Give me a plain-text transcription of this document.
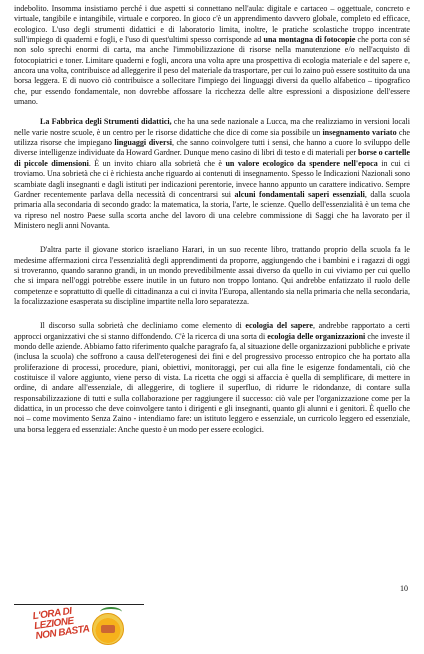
indebolito. Insomma insistiamo perché i due aspetti si connettano nell'aula: digitale e cartaceo – oggettuale, concreto e virtuale, tangibile e intangibile, virtuale e corporeo. In gioco c'è un apprendimento davvero globale, completo ed efficace, ecologico. L'uso degli strumenti didattici e di laboratorio limita, inoltre, le pratiche scolastiche troppo incentrate sull'impiego di quaderni e fogli, e l'uso di quest'ultimi spesso corrisponde ad una montagna di fotocopie che porta con sé non solo sprechi enormi di carta, ma anche l'immobilizzazione di risorse nella manutenzione e/o nell'acquisto di fotocopiatrici e toner. Limitare quaderni e fogli, ancora una volta apre una prospettiva di ecologia materiale e del sapere e, ancora una volta, contribuisce ad alleggerire il peso del materiale da trasportare, per cui lo zaino può essere sostituito da una borsa leggera. E di nuovo ciò contribuisce a sollecitare l'impiego dei linguaggi diversi da quello alfabetico – tipografico che, pur essendo fondamentale, non dovrebbe affossare la ricchezza delle altre espressioni a disposizione dell'essere umano.

La Fabbrica degli Strumenti didattici, che ha una sede nazionale a Lucca, ma che realizziamo in versioni locali nelle varie nostre scuole, è un centro per le risorse didattiche che dice di come sia possibile un insegnamento variato che utilizza risorse che impiegano linguaggi diversi, che sanno coinvolgere tutti i sensi, che hanno a cuore lo sviluppo delle diverse intelligenze individuate da Howard Gardner. Dunque meno casino di libri di testo e di materiali per borse o cartelle di piccole dimensioni. È un invito chiaro alla sobrietà che è un valore ecologico da spendere nell'epoca in cui ci troviamo. Una sobrietà che ci è richiesta anche riguardo ai contenuti di insegnamento. Spesso le Indicazioni Nazionali sono scambiate dagli insegnanti e dagli istituti per indicazioni perentorie, invece hanno appunto un carattere indicativo. Sempre Gardner recentemente parlava della necessità di concentrarsi sui alcuni fondamentali saperi essenziali, dalla scuola primaria alla secondaria di secondo grado: la matematica, la storia, l'arte, le scienze. Quello dell'essenzialità è un tema che va ripreso nel nostro Paese sulla scorta anche del lavoro di una celebre commissione di Saggi che ha lavorato per il Ministero negli anni Novanta.

D'altra parte il giovane storico israeliano Harari, in un suo recente libro, trattando proprio della scuola fa le medesime affermazioni circa l'essenzialità degli apprendimenti da proporre, aggiungendo che i bambini e i ragazzi di oggi si troveranno, quando saranno grandi, in un mondo prevedibilmente assai diverso da quello in cui viviamo per cui quello che si impara nell'oggi potrebbe essere inutile in un futuro non troppo lontano. Qui andrebbe enfatizzato il ruolo delle competenze e soprattutto di quelle di cittadinanza a cui ci invita l'Europa, allentando sia nella primaria che nella secondaria, la focalizzazione esasperata su discipline impartite nella loro separatezza.

Il discorso sulla sobrietà che decliniamo come elemento di ecologia del sapere, andrebbe rapportato a certi approcci organizzativi che si stanno diffondendo. C'è la ricerca di una sorta di ecologia delle organizzazioni che investe il mondo delle aziende. Abbiamo fatto riferimento qualche paragrafo fa, al situazione delle organizzazioni pubbliche e private (inclusa la scuola) che soffrono a causa dell'eterogenesi dei fini e del progressivo processo entropico che ha portato alla proliferazione di processi, procedure, piani, obiettivi, monitoraggi, per cui alla fine le esigenze fondamentali, ciò che costituisce il valore aggiunto, viene perso di vista. La ricetta che oggi si affaccia è quella di semplificare, di mettere in ordine, di andare all'essenziale, di alleggerire, di togliere il superfluo, di ridurre le ridondanze, di contare sulla responsabilizzazione di tutti e sulla collaborazione per raggiungere il successo: ciò vale per l'organizzazione come per la didattica, in un processo che deve coinvolgere tanto i dirigenti e gli insegnanti, quanto gli alunni e i genitori. È quello che noi – come movimento Senza Zaino - intendiamo fare: un istituto leggero e essenziale, un curricolo leggero ed essenziale, una borsa leggera ed essenziale: Anche questo è un modo per essere ecologici.

10
L'ORA DI LEZIONE NON BASTA
